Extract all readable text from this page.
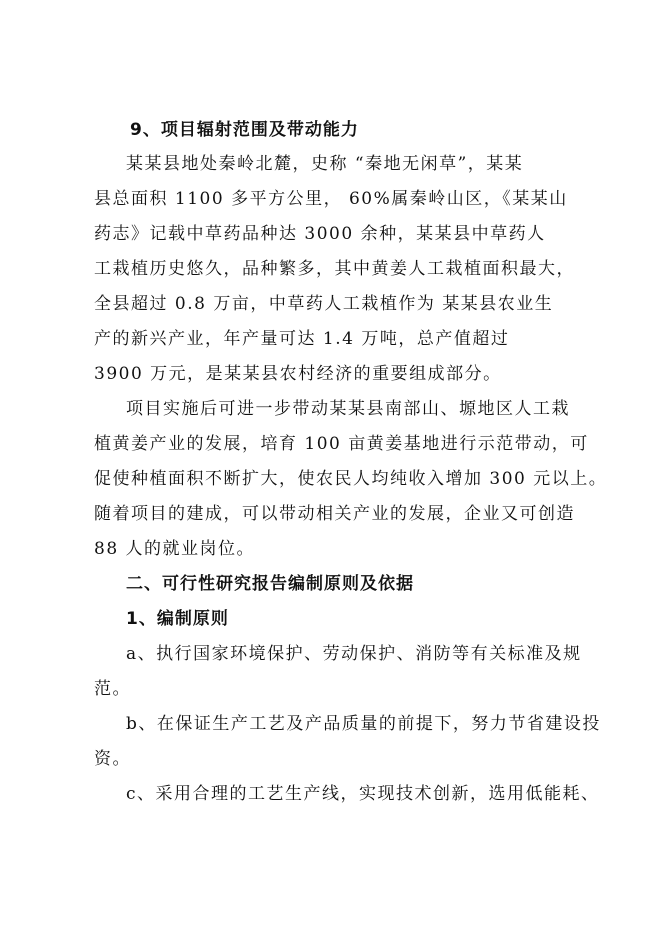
9、项目辐射范围及带动能力
某某县地处秦岭北麓，史称 “秦地无闲草”，某某
县总面积 1100 多平方公里， 60%属秦岭山区，《某某山
药志》记载中草药品种达 3000 余种，某某县中草药人
工栽植历史悠久，品种繁多，其中黄姜人工栽植面积最大，
全县超过 0.8 万亩，中草药人工栽植作为 某某县农业生
产的新兴产业，年产量可达 1.4 万吨，总产值超过
3900 万元，是某某县农村经济的重要组成部分。
项目实施后可进一步带动某某县南部山、塬地区人工栽
植黄姜产业的发展，培育 100 亩黄姜基地进行示范带动，可
促使种植面积不断扩大，使农民人均纯收入增加 300 元以上。
随着项目的建成，可以带动相关产业的发展，企业又可创造
88 人的就业岗位。
二、可行性研究报告编制原则及依据
1、编制原则
a、执行国家环境保护、劳动保护、消防等有关标准及规
范。
b、在保证生产工艺及产品质量的前提下，努力节省建设投
资。
c、采用合理的工艺生产线，实现技术创新，选用低能耗、
